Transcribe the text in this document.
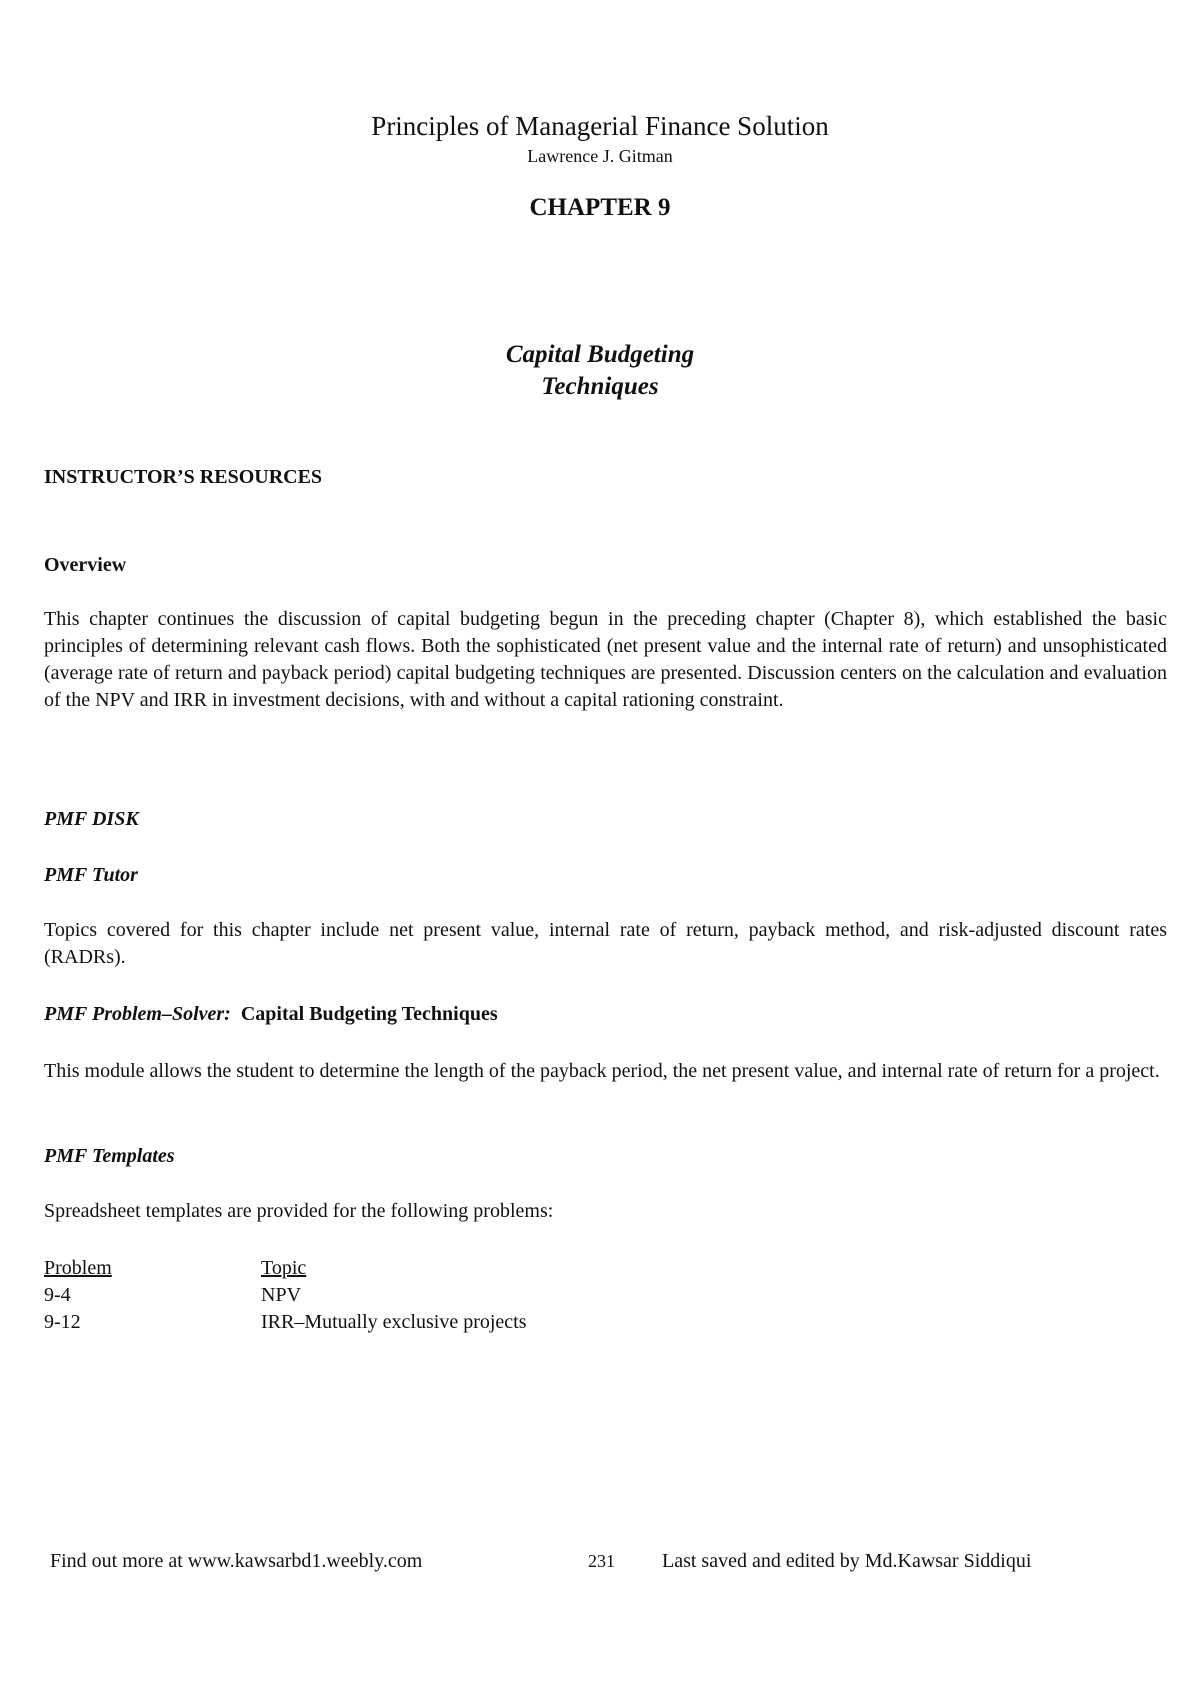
Principles of Managerial Finance Solution
Lawrence J. Gitman
CHAPTER 9
Capital Budgeting
Techniques
INSTRUCTOR’S RESOURCES
Overview
This chapter continues the discussion of capital budgeting begun in the preceding chapter (Chapter 8), which established the basic principles of determining relevant cash flows. Both the sophisticated (net present value and the internal rate of return) and unsophisticated (average rate of return and payback period) capital budgeting techniques are presented. Discussion centers on the calculation and evaluation of the NPV and IRR in investment decisions, with and without a capital rationing constraint.
PMF DISK
PMF Tutor
Topics covered for this chapter include net present value, internal rate of return, payback method, and risk-adjusted discount rates (RADRs).
PMF Problem–Solver: Capital Budgeting Techniques
This module allows the student to determine the length of the payback period, the net present value, and internal rate of return for a project.
PMF Templates
Spreadsheet templates are provided for the following problems:
Problem	Topic
9-4	NPV
9-12	IRR–Mutually exclusive projects
Find out more at www.kawsarbd1.weebly.com	231 Last saved and edited by Md.Kawsar Siddiqui
